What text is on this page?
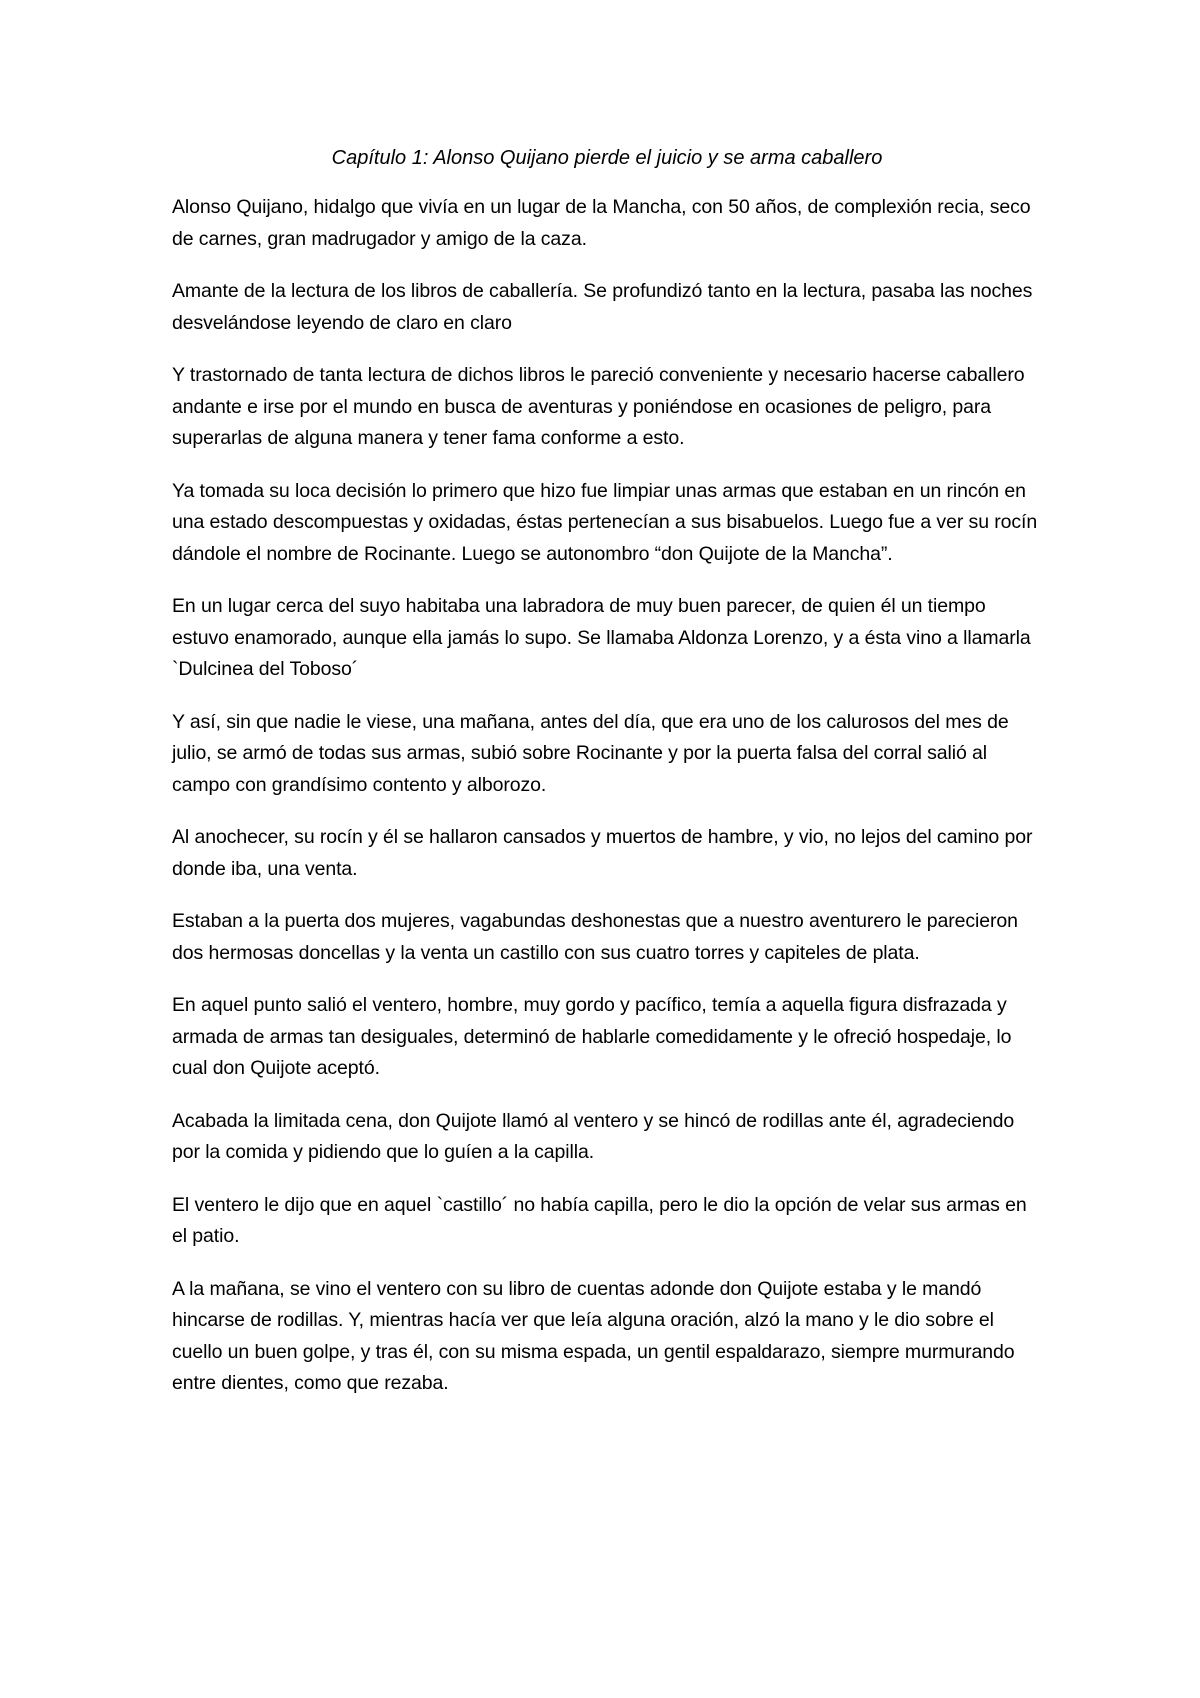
Capítulo 1: Alonso Quijano pierde el juicio y se arma caballero

Alonso Quijano, hidalgo que vivía en un lugar de la Mancha, con 50 años, de complexión recia, seco de carnes, gran madrugador y amigo de la caza.

Amante de la lectura de los libros de caballería. Se profundizó tanto en la lectura, pasaba las noches desvelándose leyendo de claro en claro

Y trastornado de tanta lectura de dichos libros le pareció conveniente y necesario hacerse caballero andante e irse por el mundo en busca de aventuras y poniéndose en ocasiones de peligro, para superarlas de alguna manera y tener fama conforme a esto.

Ya tomada su loca decisión lo primero que hizo fue limpiar unas armas que estaban en un rincón en una estado descompuestas y oxidadas, éstas pertenecían a sus bisabuelos. Luego fue a ver su rocín dándole el nombre de Rocinante. Luego se autonombro “don Quijote de la Mancha”.

En un lugar cerca del suyo habitaba una labradora de muy buen parecer, de quien él un tiempo estuvo enamorado, aunque ella jamás lo supo. Se llamaba Aldonza Lorenzo, y a ésta vino a llamarla `Dulcinea del Toboso´

Y así, sin que nadie le viese, una mañana, antes del día, que era uno de los calurosos del mes de julio, se armó de todas sus armas, subió sobre Rocinante y por la puerta falsa del corral salió al campo con grandísimo contento y alborozo.

Al anochecer, su rocín y él se hallaron cansados y muertos de hambre, y vio, no lejos del camino por donde iba, una venta.

Estaban a la puerta dos mujeres, vagabundas deshonestas que a nuestro aventurero le parecieron dos hermosas doncellas y la venta un castillo con sus cuatro torres y capiteles de plata.

En aquel punto salió el ventero, hombre, muy gordo y pacífico, temía a aquella figura disfrazada y armada de armas tan desiguales, determinó de hablarle comedidamente y le ofreció hospedaje, lo cual don Quijote aceptó.

Acabada la limitada cena, don Quijote llamó al ventero y se hincó de rodillas ante él, agradeciendo por la comida y pidiendo que lo guíen a la capilla.

El ventero le dijo que en aquel `castillo´ no había capilla, pero le dio la opción de velar sus armas en el patio.

A la mañana, se vino el ventero con su libro de cuentas adonde don Quijote estaba y le mandó hincarse de rodillas. Y, mientras hacía ver que leía alguna oración, alzó la mano y le dio sobre el cuello un buen golpe, y tras él, con su misma espada, un gentil espaldarazo, siempre murmurando entre dientes, como que rezaba.
